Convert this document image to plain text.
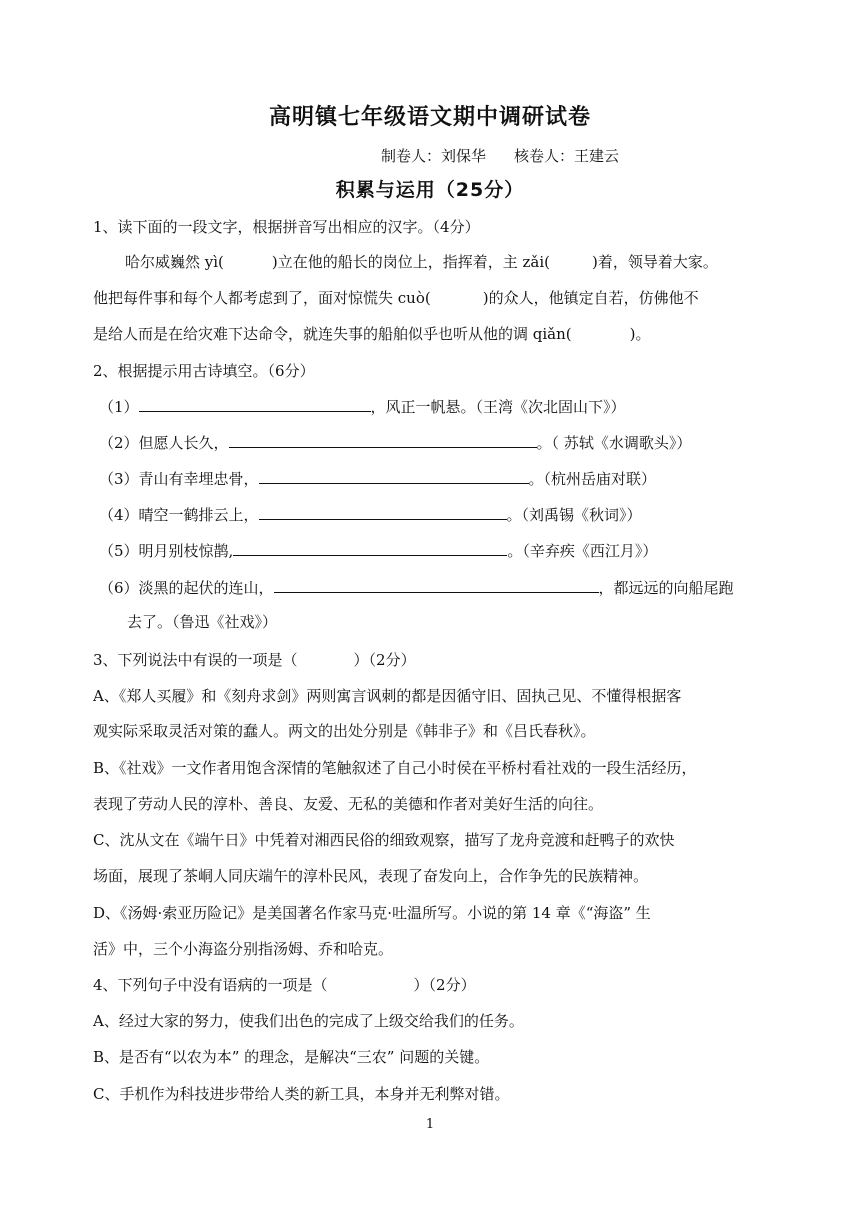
高明镇七年级语文期中调研试卷
制卷人：刘保华 核卷人：王建云
积累与运用（25分）
1、读下面的一段文字，根据拼音写出相应的汉字。（4分）
哈尔威巍然 yì(	)立在他的船长的岗位上，指挥着，主 zǎi(	)着，领导着大家。
他把每件事和每个人都考虑到了，面对惊慌失 cuò(	)的众人，他镇定自若，仿佛他不
是给人而是在给灾难下达命令，就连失事的船舶似乎也听从他的调 qiǎn(	)。
2、根据提示用古诗填空。（6分）
（1）	，风正一帆悬。（王湾《次北固山下》）
（2）但愿人长久，	。（ 苏轼《水调歌头》）
（3）青山有幸埋忠骨，	。（杭州岳庙对联）
（4）晴空一鹤排云上，	。（刘禹锡《秋词》）
（5）明月别枝惊鹊,	。（辛弃疾《西江月》）
（6）淡黑的起伏的连山，	，都远远的向船尾跑
去了。（鲁迅《社戏》）
3、下列说法中有误的一项是（	）（2分）
A、《郑人买履》和《刻舟求剑》两则寓言讽刺的都是因循守旧、固执己见、不懂得根据客
观实际采取灵活对策的蠢人。两文的出处分别是《韩非子》和《吕氏春秋》。
B、《社戏》一文作者用饱含深情的笔触叙述了自己小时侯在平桥村看社戏的一段生活经历，
表现了劳动人民的淳朴、善良、友爱、无私的美德和作者对美好生活的向往。
C、沈从文在《端午日》中凭着对湘西民俗的细致观察，描写了龙舟竞渡和赶鸭子的欢快
场面，展现了茶峒人同庆端午的淳朴民风，表现了奋发向上，合作争先的民族精神。
D、《汤姆·索亚历险记》是美国著名作家马克·吐温所写。小说的第 14 章《“海盗” 生
活》中，三个小海盗分别指汤姆、乔和哈克。
4、下列句子中没有语病的一项是（	）（2分）
A、经过大家的努力，使我们出色的完成了上级交给我们的任务。
B、是否有“以农为本” 的理念，是解决“三农” 问题的关键。
C、手机作为科技进步带给人类的新工具，本身并无利弊对错。
1
